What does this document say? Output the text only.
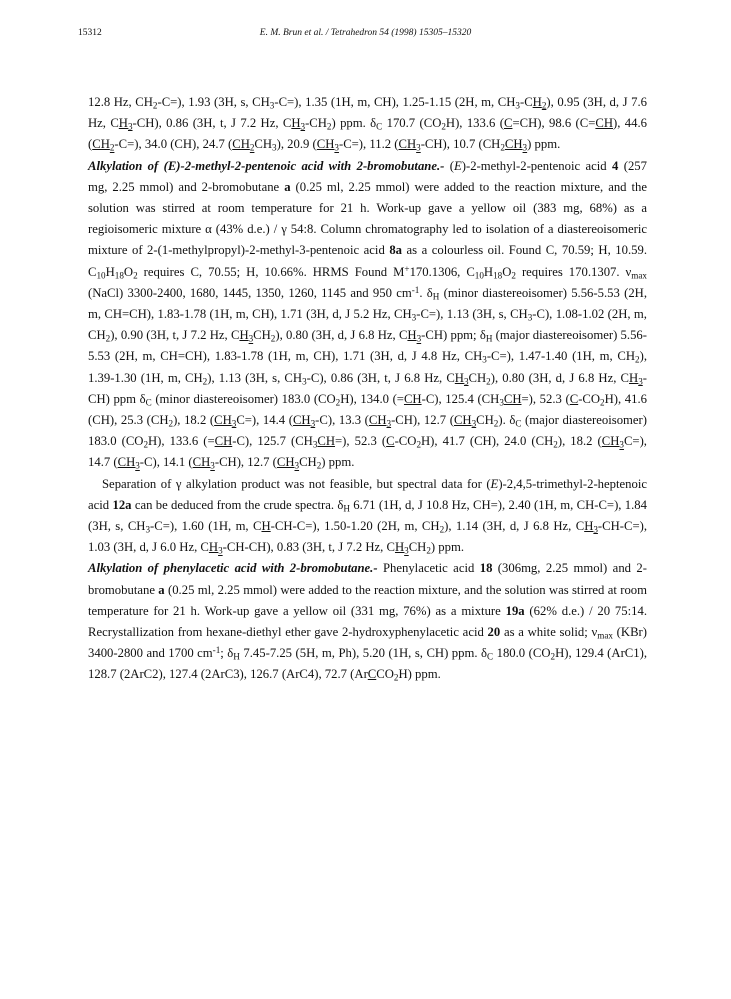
15312	E. M. Brun et al. / Tetrahedron 54 (1998) 15305–15320

12.8 Hz, $CH_2-C=$), 1.93 (3H, s, $CH_3-C=$), 1.35 (1H, m, CH), 1.25-1.15 (2H, m, $CH_3-CH_2$), 0.95 (3H, d, J 7.6 Hz, $CH_3-CH$), 0.86 (3H, t, J 7.2 Hz, $CH_3-CH_2$) ppm. $\delta_C$ 170.7 $(CO_2H)$, 133.6 (C=CH), 98.6 (C=CH), 44.6 $(CH_2-C=)$, 34.0 (CH), 24.7 $(CH_2CH_3)$, 20.9 $(CH_3-C=)$, 11.2 $(CH_3-CH)$, 10.7 $(CH_2CH_3)$ ppm.

Alkylation of (E)-2-methyl-2-pentenoic acid with 2-bromobutane.- (E)-2-methyl-2-pentenoic acid 4 (257 mg, 2.25 mmol) and 2-bromobutane a (0.25 ml, 2.25 mmol) were added to the reaction mixture, and the solution was stirred at room temperature for 21 h. Work-up gave a yellow oil (383 mg, 68%) as a regioisomeric mixture α (43% d.e.) / γ 54:8. Column chromatography led to isolation of a diastereoisomeric mixture of 2-(1-methylpropyl)-2-methyl-3-pentenoic acid 8a as a colourless oil. Found C, 70.59; H, 10.59. $C_{10}H_{18}O_2$ requires C, 70.55; H, 10.66%. HRMS Found M+170.1306, $C_{10}H_{18}O_2$ requires 170.1307. $\nu_{max}$ (NaCl) 3300-2400, 1680, 1445, 1350, 1260, 1145 and 950 $cm^{-1}$. $\delta_H$ (minor diastereoisomer) 5.56-5.53 (2H, m, CH=CH), 1.83-1.78 (1H, m, CH), 1.71 (3H, d, J 5.2 Hz, $CH_3-C=$), 1.13 (3H, s, $CH_3-C$), 1.08-1.02 (2H, m, $CH_2$), 0.90 (3H, t, J 7.2 Hz, $CH_3CH_2$), 0.80 (3H, d, J 6.8 Hz, $CH_3-CH$) ppm; $\delta_H$ (major diastereoisomer) 5.56-5.53 (2H, m, CH=CH), 1.83-1.78 (1H, m, CH), 1.71 (3H, d, J 4.8 Hz, $CH_3-C=$), 1.47-1.40 (1H, m, $CH_2$), 1.39-1.30 (1H, m, $CH_2$), 1.13 (3H, s, $CH_3-C$), 0.86 (3H, t, J 6.8 Hz, $CH_3CH_2$), 0.80 (3H, d, J 6.8 Hz, $CH_3-CH$) ppm $\delta_C$ (minor diastereoisomer) 183.0 $(CO_2H)$, 134.0 (=CH-C), 125.4 $(CH_3CH=)$, 52.3 $(C-CO_2H)$, 41.6 (CH), 25.3 $(CH_2)$, 18.2 $(CH_3C=)$, 14.4 $(CH_3-C)$, 13.3 $(CH_3-CH)$, 12.7 $(CH_3CH_2)$. $\delta_C$ (major diastereoisomer) 183.0 $(CO_2H)$, 133.6 (=CH-C), 125.7 $(CH_3CH=)$, 52.3 $(C-CO_2H)$, 41.7 (CH), 24.0 $(CH_2)$, 18.2 $(CH_3C=)$, 14.7 $(CH_3-C)$, 14.1 $(CH_3-CH)$, 12.7 $(CH_3CH_2)$ ppm.

Separation of γ alkylation product was not feasible, but spectral data for (E)-2,4,5-trimethyl-2-heptenoic acid 12a can be deduced from the crude spectra. $\delta_H$ 6.71 (1H, d, J 10.8 Hz, CH=), 2.40 (1H, m, CH-C=), 1.84 (3H, s, $CH_3-C=$), 1.60 (1H, m, CH-CH-C=), 1.50-1.20 (2H, m, $CH_2$), 1.14 (3H, d, J 6.8 Hz, $CH_3-CH-C=$), 1.03 (3H, d, J 6.0 Hz, $CH_3-CH-CH$), 0.83 (3H, t, J 7.2 Hz, $CH_3CH_2$) ppm.

Alkylation of phenylacetic acid with 2-bromobutane.- Phenylacetic acid 18 (306mg, 2.25 mmol) and 2-bromobutane a (0.25 ml, 2.25 mmol) were added to the reaction mixture, and the solution was stirred at room temperature for 21 h. Work-up gave a yellow oil (331 mg, 76%) as a mixture 19a (62% d.e.) / 20 75:14. Recrystallization from hexane-diethyl ether gave 2-hydroxyphenylacetic acid 20 as a white solid; $\nu_{max}$ (KBr) 3400-2800 and 1700 $cm^{-1}$; $\delta_H$ 7.45-7.25 (5H, m, Ph), 5.20 (1H, s, CH) ppm. $\delta_C$ 180.0 $(CO_2H)$, 129.4 (ArC1), 128.7 (2ArC2), 127.4 (2ArC3), 126.7 (ArC4), 72.7 (ArCCO$_2$H) ppm.
